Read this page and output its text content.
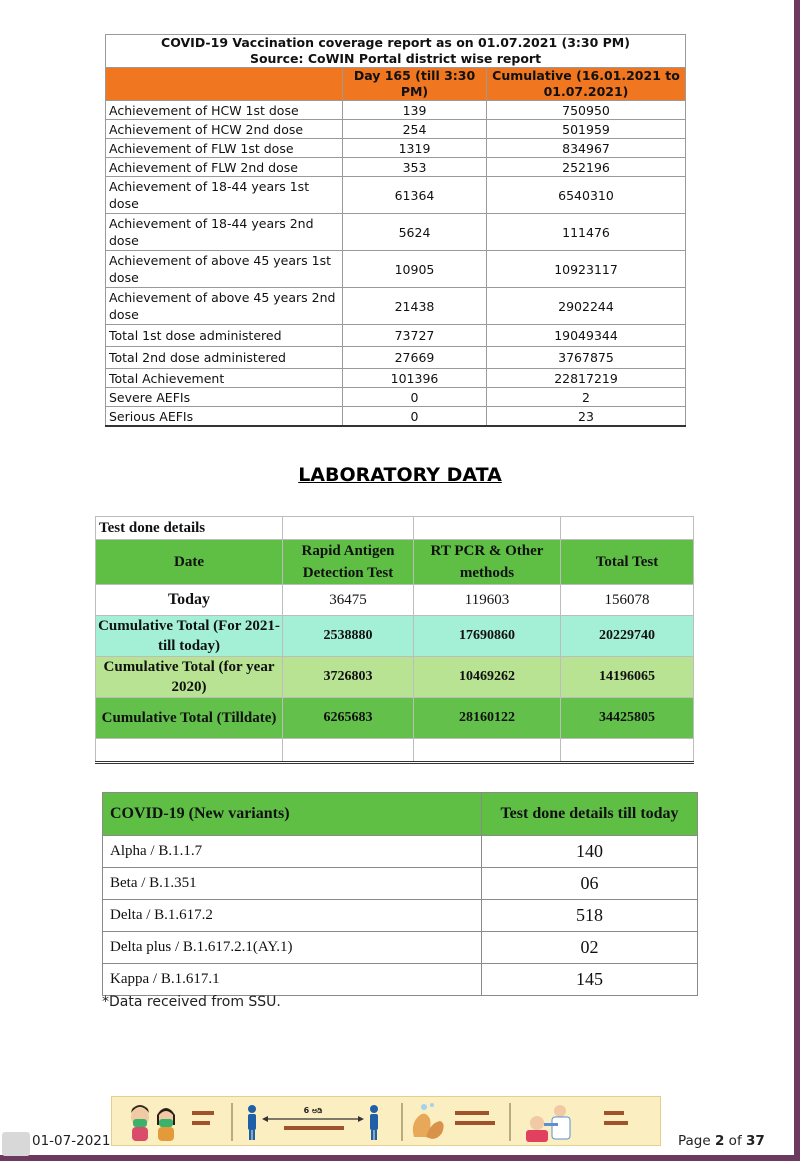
COVID-19 Vaccination coverage report as on 01.07.2021 (3:30 PM)		
Source: CoWIN Portal district wise report		
	Day 165 (till 3:30 PM)	Cumulative (16.01.2021 to 01.07.2021)
Achievement of HCW 1st dose	139	750950
Achievement of HCW 2nd dose	254	501959
Achievement of FLW 1st dose	1319	834967
Achievement of FLW 2nd dose	353	252196
Achievement of 18-44 years 1st dose	61364	6540310
Achievement of 18-44 years 2nd dose	5624	111476
Achievement of above 45 years 1st dose	10905	10923117
Achievement of above 45 years 2nd dose	21438	2902244
Total 1st dose administered	73727	19049344
Total 2nd dose administered	27669	3767875
Total Achievement	101396	22817219
Severe AEFIs	0	2
Serious AEFIs	0	23
LABORATORY DATA
Test done details			
Date	Rapid Antigen Detection Test	RT PCR & Other methods	Total Test
Today	36475	119603	156078
Cumulative Total (For 2021- till today)	2538880	17690860	20229740
Cumulative Total (for year 2020)	3726803	10469262	14196065
Cumulative Total (Tilldate)	6265683	28160122	34425805

COVID-19 (New variants)	Test done details till today
Alpha / B.1.1.7	140
Beta / B.1.351	06
Delta / B.1.617.2	518
Delta plus / B.1.617.2.1(AY.1)	02
Kappa / B.1.617.1	145
*Data received from SSU.
01-07-2021
6 ಅಡಿ
Page 2 of 37
